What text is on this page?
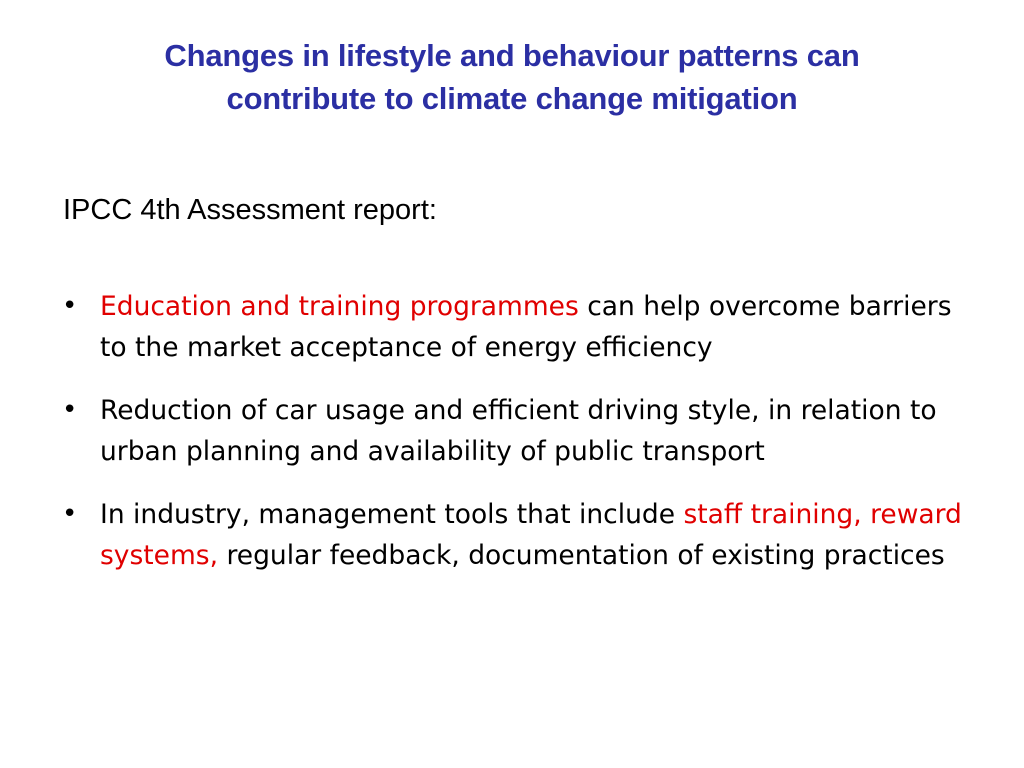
Changes in lifestyle and behaviour patterns can
contribute to climate change mitigation
IPCC 4th Assessment report:
• Education and training programmes can help overcome barriers to the market acceptance of energy efficiency
• Reduction of car usage and efficient driving style, in relation to urban planning and availability of public transport
• In industry, management tools that include staff training, reward systems, regular feedback, documentation of existing practices
